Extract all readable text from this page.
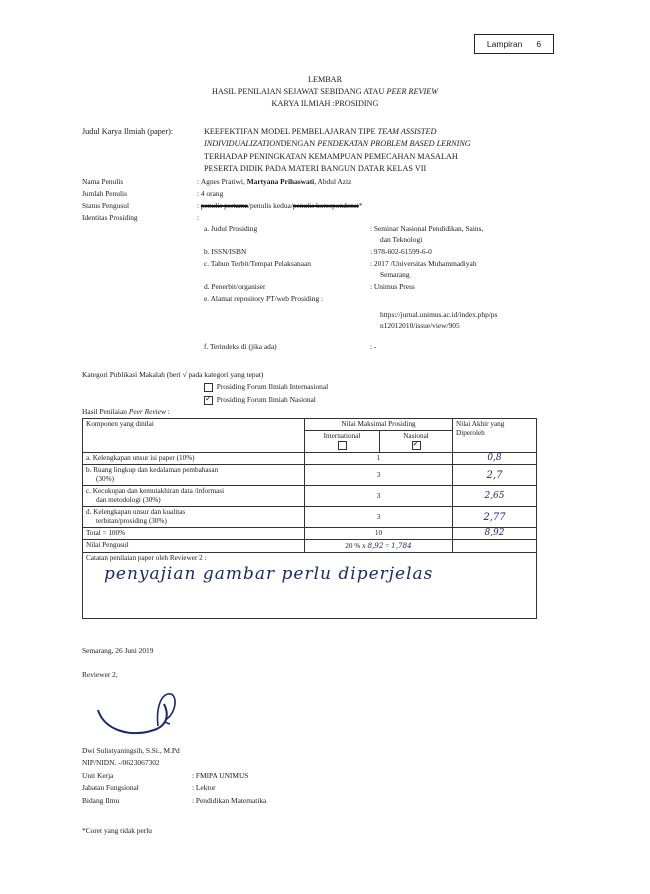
Lampiran 6
LEMBAR
HASIL PENILAIAN SEJAWAT SEBIDANG ATAU PEER REVIEW
KARYA ILMIAH :PROSIDING
Judul Karya Ilmiah (paper):	KEEFEKTIFAN MODEL PEMBELAJARAN TIPE TEAM ASSISTED
INDIVIDUALIZATIONDENGAN PENDEKATAN PROBLEM BASED LERNING
TERHADAP PENINGKATAN KEMAMPUAN PEMECAHAN MASALAH
PESERTA DIDIK PADA MATERI BANGUN DATAR KELAS VII
Nama Penulis	: Agnes Pratiwi, Martyana Prihaswati, Abdul Aziz
Jumlah Penulis	: 4 orang
Status Pengusul	: penulis pertama/penulis kedua/penulis korespondensi*
Identitas Prosiding	:
a. Judul Prosiding	: Seminar Nasional Pendidikan, Sains,
dan Teknologi
b. ISSN/ISBN	: 978-602-61599-6-0
c. Tahun Terbit/Tempat Pelaksanaan	: 2017 /Universitas Muhammadiyah
Semarang
d. Penerbit/organiser	: Unimus Press
e. Alamat repository PT/web Prosiding :
https://jurnal.unimus.ac.id/index.php/ps
n12012010/issue/view/905
f. Terindeks di (jika ada)	: -
Kategori Publikasi Makalah (beri √ pada kategori yang tepat)
Prosiding Forum Ilmiah Internasional
✓  Prosiding Forum Ilmiah Nasional
Hasil Penilaian Peer Review :
Komponen yang dinilai	Nilai Maksimal Prosiding		Nilai Akhir yang
Diperoleh

	International	Nasional
✓

a. Kelengkapan unsur isi paper (10%)	1		0,8

b. Ruang lingkup dan kedalaman pembahasan
(30%)	3		2,7

c. Kecukupan dan kemutakhiran data /informasi
dan metodologi (30%)	3		2,65

d. Kelengkapan unsur dan kualitas
terbitan/prosiding (30%)	3		2,77
Total = 100%	10		8,92
Nilai Pengusul	20 % x 8,92 = 1,784		

Catatan penilaian paper oleh Reviewer 2 :
penyajian gambar perlu diperjelas			
Semarang, 26 Juni 2019
Reviewer 2,
Dwi Sulistyaningsih, S.Si., M.Pd
NIP/NIDN. -/0623067302
Unit Kerja	: FMIPA UNIMUS
Jabatan Fungsional	: Lektor
Bidang Ilmu	: Pendidikan Matematika
*Coret yang tidak perlu
